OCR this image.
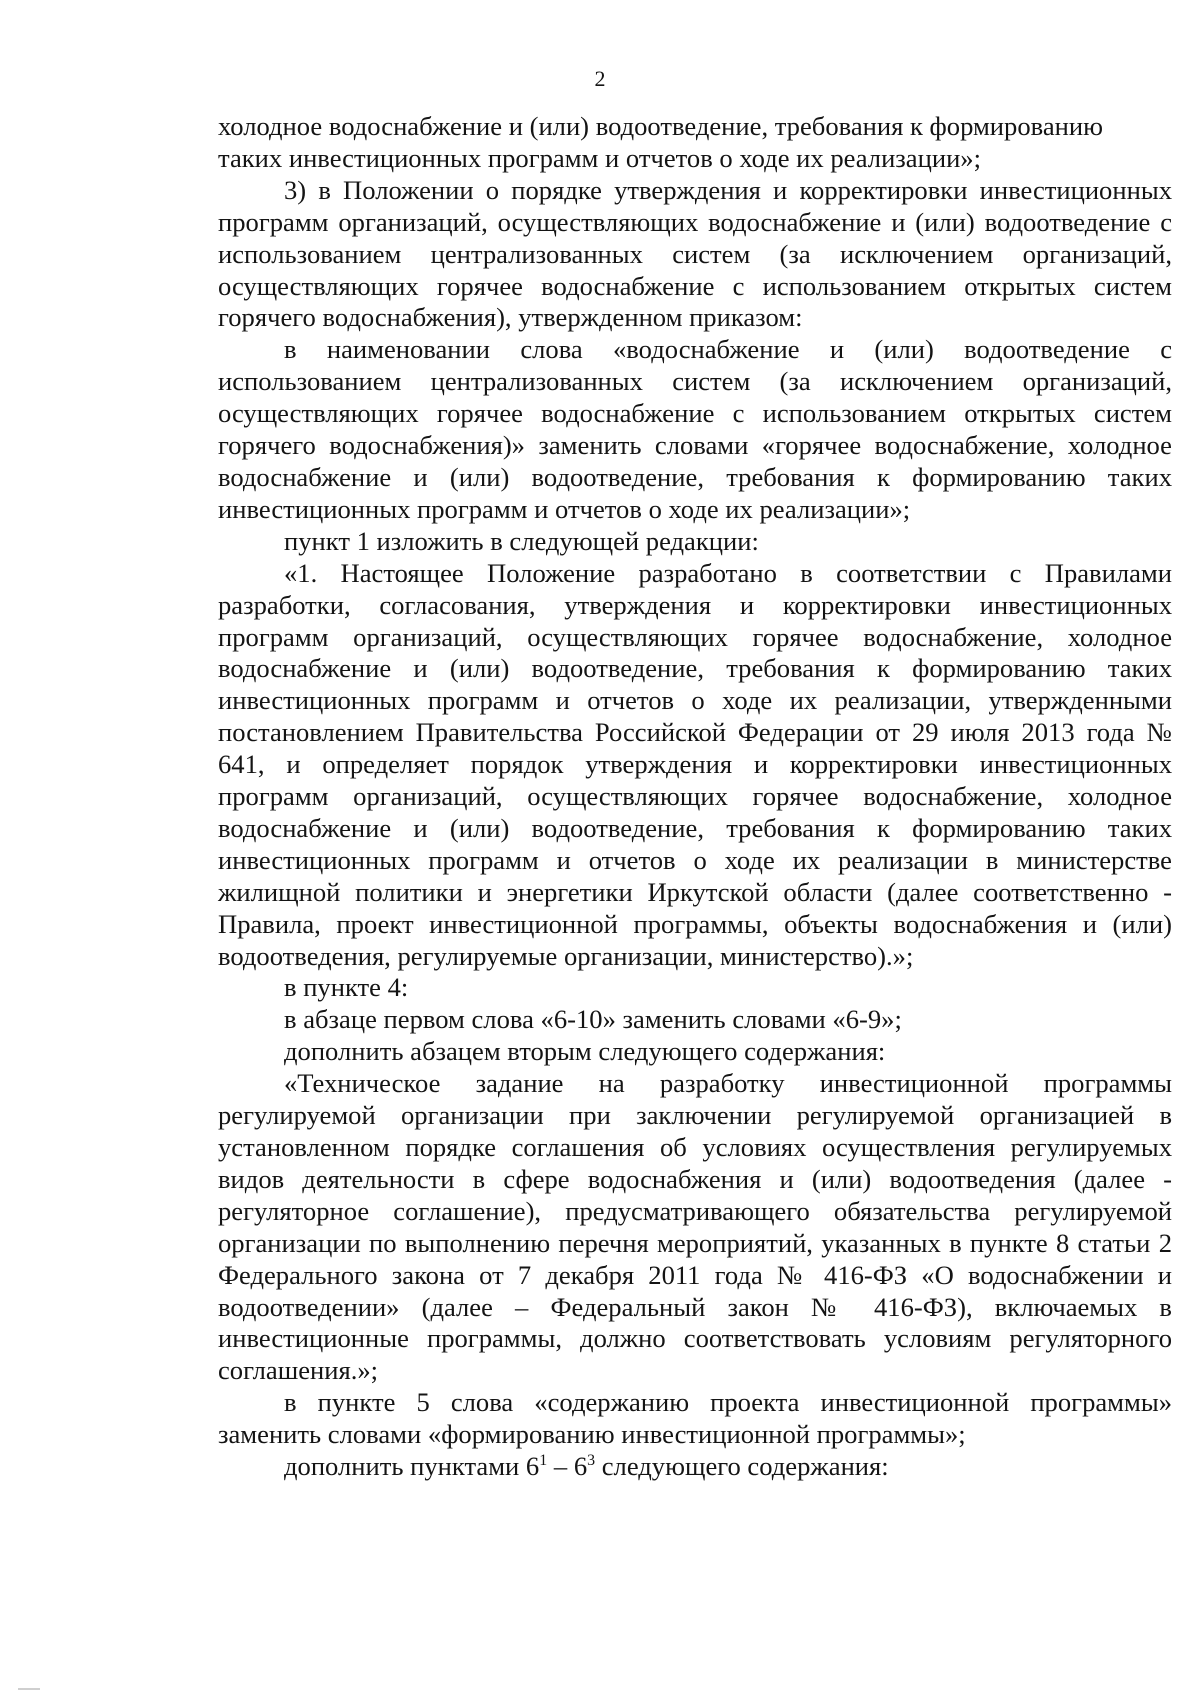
2

холодное водоснабжение и (или) водоотведение, требования к формированию таких инвестиционных программ и отчетов о ходе их реализации»;

3) в Положении о порядке утверждения и корректировки инвестиционных программ организаций, осуществляющих водоснабжение и (или) водоотведение с использованием централизованных систем (за исключением организаций, осуществляющих горячее водоснабжение с использованием открытых систем горячего водоснабжения), утвержденном приказом:

в наименовании слова «водоснабжение и (или) водоотведение с использованием централизованных систем (за исключением организаций, осуществляющих горячее водоснабжение с использованием открытых систем горячего водоснабжения)» заменить словами «горячее водоснабжение, холодное водоснабжение и (или) водоотведение, требования к формированию таких инвестиционных программ и отчетов о ходе их реализации»;

пункт 1 изложить в следующей редакции:

«1. Настоящее Положение разработано в соответствии с Правилами разработки, согласования, утверждения и корректировки инвестиционных программ организаций, осуществляющих горячее водоснабжение, холодное водоснабжение и (или) водоотведение, требования к формированию таких инвестиционных программ и отчетов о ходе их реализации, утвержденными постановлением Правительства Российской Федерации от 29 июля 2013 года № 641, и определяет порядок утверждения и корректировки инвестиционных программ организаций, осуществляющих горячее водоснабжение, холодное водоснабжение и (или) водоотведение, требования к формированию таких инвестиционных программ и отчетов о ходе их реализации в министерстве жилищной политики и энергетики Иркутской области (далее соответственно - Правила, проект инвестиционной программы, объекты водоснабжения и (или) водоотведения, регулируемые организации, министерство).»;

в пункте 4:

в абзаце первом слова «6-10» заменить словами «6-9»;

дополнить абзацем вторым следующего содержания:

«Техническое задание на разработку инвестиционной программы регулируемой организации при заключении регулируемой организацией в установленном порядке соглашения об условиях осуществления регулируемых видов деятельности в сфере водоснабжения и (или) водоотведения (далее - регуляторное соглашение), предусматривающего обязательства регулируемой организации по выполнению перечня мероприятий, указанных в пункте 8 статьи 2 Федерального закона от 7 декабря 2011 года № 416-ФЗ «О водоснабжении и водоотведении» (далее – Федеральный закон № 416-ФЗ), включаемых в инвестиционные программы, должно соответствовать условиям регуляторного соглашения.»;

в пункте 5 слова «содержанию проекта инвестиционной программы» заменить словами «формированию инвестиционной программы»;

дополнить пунктами $6^1 - 6^3$ следующего содержания:
